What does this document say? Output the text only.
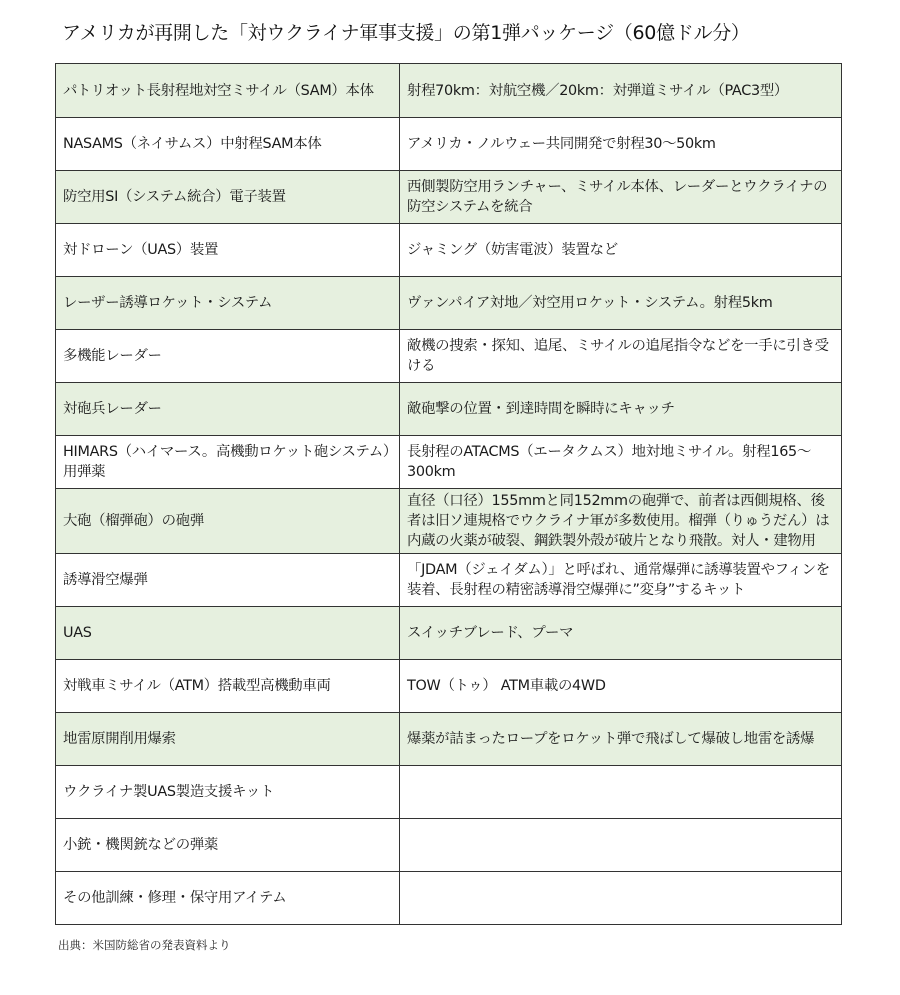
アメリカが再開した「対ウクライナ軍事支援」の第1弾パッケージ（60億ドル分）
パトリオット長射程地対空ミサイル（SAM）本体	射程70km：対航空機／20km：対弾道ミサイル（PAC3型）
NASAMS（ネイサムス）中射程SAM本体	アメリカ・ノルウェー共同開発で射程30～50km
防空用SI（システム統合）電子装置	西側製防空用ランチャー、ミサイル本体、レーダーとウクライナの防空システムを統合
対ドローン（UAS）装置	ジャミング（妨害電波）装置など
レーザー誘導ロケット・システム	ヴァンパイア対地／対空用ロケット・システム。射程5km
多機能レーダー	敵機の捜索・探知、追尾、ミサイルの追尾指令などを一手に引き受ける
対砲兵レーダー	敵砲撃の位置・到達時間を瞬時にキャッチ
HIMARS（ハイマース。高機動ロケット砲システム）用弾薬	長射程のATACMS（エータクムス）地対地ミサイル。射程165～300km
大砲（榴弾砲）の砲弾	直径（口径）155mmと同152mmの砲弾で、前者は西側規格、後者は旧ソ連規格でウクライナ軍が多数使用。榴弾（りゅうだん）は内蔵の火薬が破裂、鋼鉄製外殻が破片となり飛散。対人・建物用
誘導滑空爆弾	「JDAM（ジェイダム）」と呼ばれ、通常爆弾に誘導装置やフィンを装着、長射程の精密誘導滑空爆弾に”変身”するキット
UAS	スイッチブレード、プーマ
対戦車ミサイル（ATM）搭載型高機動車両	TOW（トゥ） ATM車載の4WD
地雷原開削用爆索	爆薬が詰まったロープをロケット弾で飛ばして爆破し地雷を誘爆
ウクライナ製UAS製造支援キット	
小銃・機関銃などの弾薬	
その他訓練・修理・保守用アイテム	
出典：米国防総省の発表資料より
